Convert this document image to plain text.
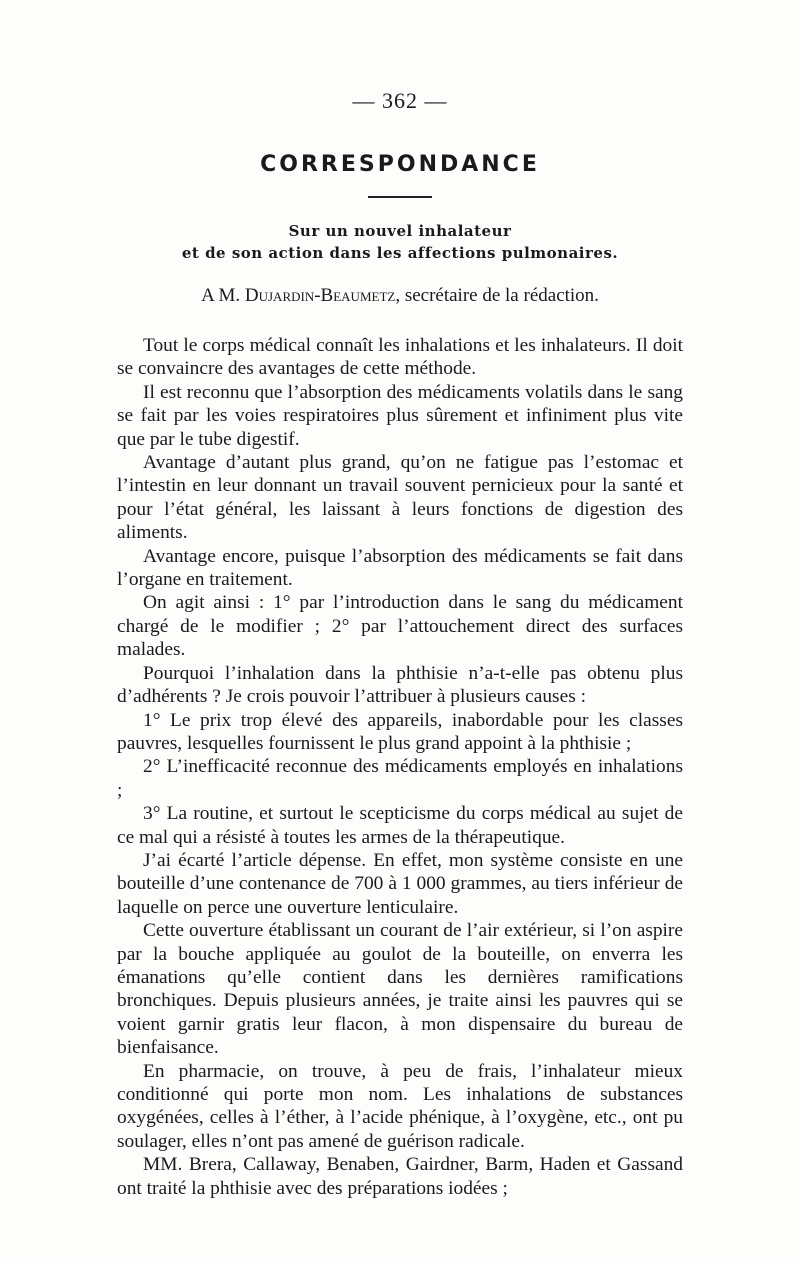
— 362 —
CORRESPONDANCE
Sur un nouvel inhalateur
et de son action dans les affections pulmonaires.
A M. Dujardin-Beaumetz, secrétaire de la rédaction.

Tout le corps médical connaît les inhalations et les inhalateurs. Il doit se convaincre des avantages de cette méthode.

Il est reconnu que l’absorption des médicaments volatils dans le sang se fait par les voies respiratoires plus sûrement et infiniment plus vite que par le tube digestif.

Avantage d’autant plus grand, qu’on ne fatigue pas l’estomac et l’intestin en leur donnant un travail souvent pernicieux pour la santé et pour l’état général, les laissant à leurs fonctions de digestion des aliments.

Avantage encore, puisque l’absorption des médicaments se fait dans l’organe en traitement.

On agit ainsi : 1° par l’introduction dans le sang du médicament chargé de le modifier ; 2° par l’attouchement direct des surfaces malades.

Pourquoi l’inhalation dans la phthisie n’a-t-elle pas obtenu plus d’adhérents ? Je crois pouvoir l’attribuer à plusieurs causes :

1° Le prix trop élevé des appareils, inabordable pour les classes pauvres, lesquelles fournissent le plus grand appoint à la phthisie ;

2° L’inefficacité reconnue des médicaments employés en inhalations ;

3° La routine, et surtout le scepticisme du corps médical au sujet de ce mal qui a résisté à toutes les armes de la thérapeutique.

J’ai écarté l’article dépense. En effet, mon système consiste en une bouteille d’une contenance de 700 à 1 000 grammes, au tiers inférieur de laquelle on perce une ouverture lenticulaire.

Cette ouverture établissant un courant de l’air extérieur, si l’on aspire par la bouche appliquée au goulot de la bouteille, on enverra les émanations qu’elle contient dans les dernières ramifications bronchiques. Depuis plusieurs années, je traite ainsi les pauvres qui se voient garnir gratis leur flacon, à mon dispensaire du bureau de bienfaisance.

En pharmacie, on trouve, à peu de frais, l’inhalateur mieux conditionné qui porte mon nom. Les inhalations de substances oxygénées, celles à l’éther, à l’acide phénique, à l’oxygène, etc., ont pu soulager, elles n’ont pas amené de guérison radicale.

MM. Brera, Callaway, Benaben, Gairdner, Barm, Haden et Gassand ont traité la phthisie avec des préparations iodées ;
